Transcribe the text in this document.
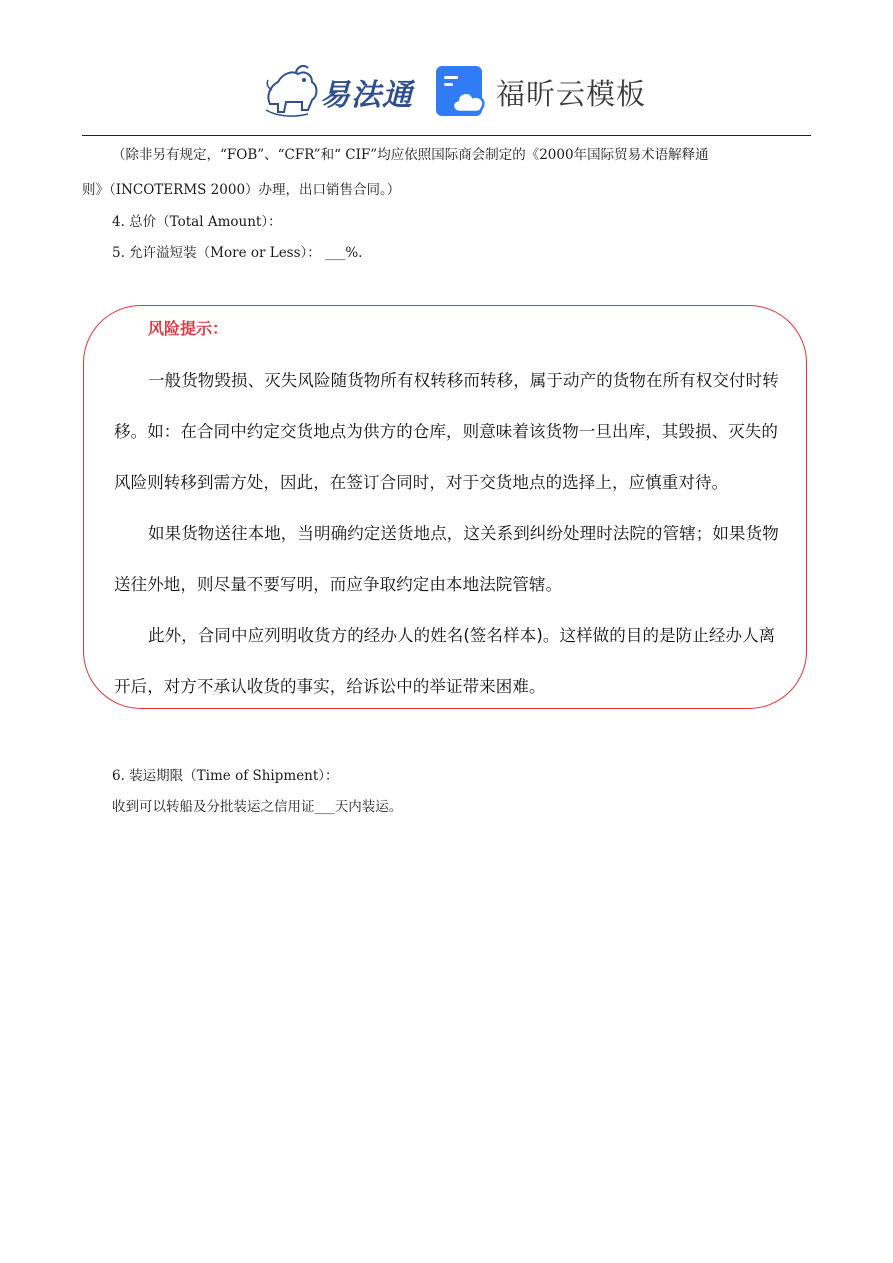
易法通	福昕云模板
（除非另有规定，“FOB”、“CFR”和“ CIF”均应依照国际商会制定的《2000年国际贸易术语解释通
则》（INCOTERMS 2000）办理，出口销售合同。）
4. 总价（Total Amount）：
5. 允许溢短装（More or Less）： ___%.
风险提示：
一般货物毁损、灭失风险随货物所有权转移而转移，属于动产的货物在所有权交付时转
移。如：在合同中约定交货地点为供方的仓库，则意味着该货物一旦出库，其毁损、灭失的
风险则转移到需方处，因此，在签订合同时，对于交货地点的选择上，应慎重对待。
如果货物送往本地，当明确约定送货地点，这关系到纠纷处理时法院的管辖；如果货物
送往外地，则尽量不要写明，而应争取约定由本地法院管辖。
此外，合同中应列明收货方的经办人的姓名(签名样本)。这样做的目的是防止经办人离
开后，对方不承认收货的事实，给诉讼中的举证带来困难。
6. 装运期限（Time of Shipment）：
收到可以转船及分批装运之信用证___天内装运。
